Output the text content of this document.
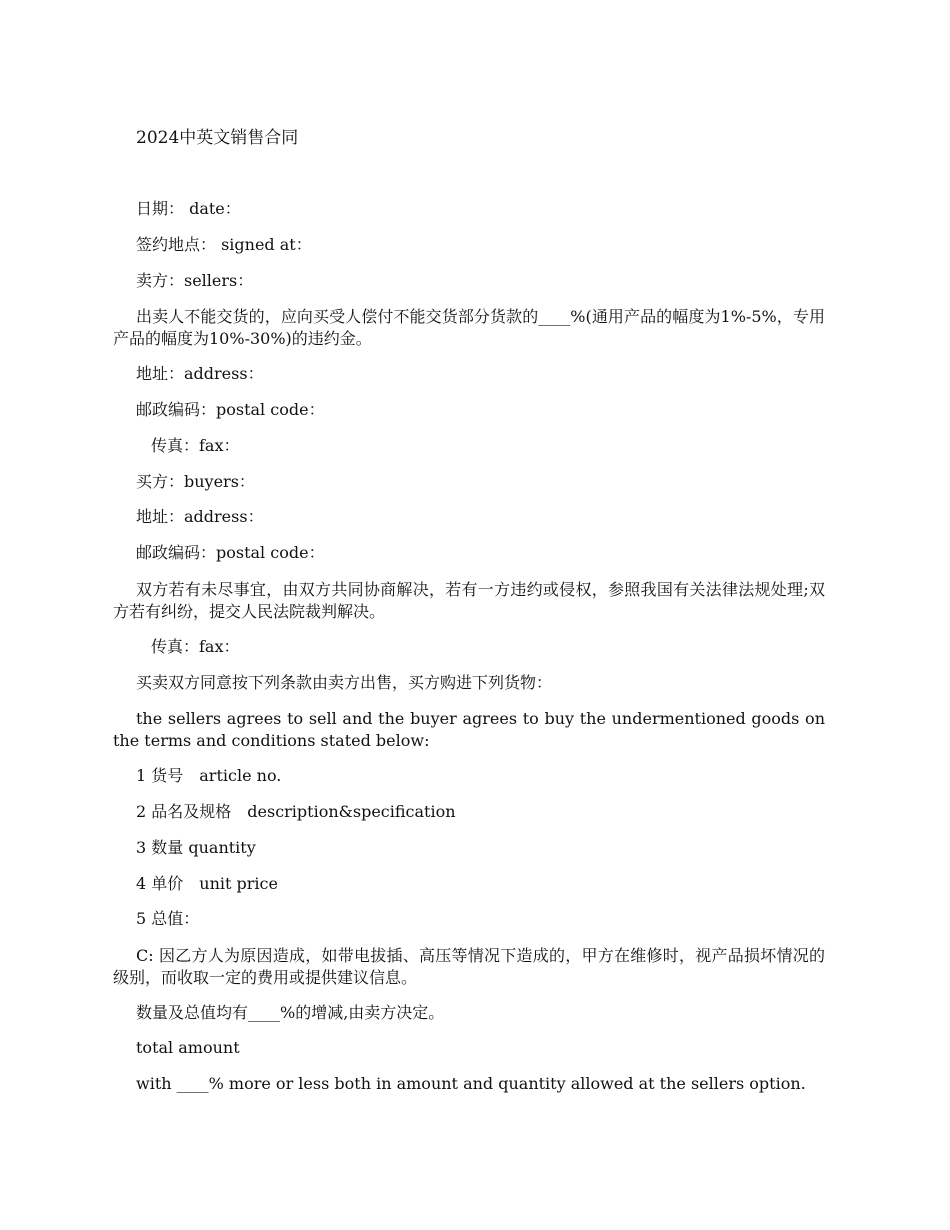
2024中英文销售合同
日期： date：
签约地点： signed at：
卖方：sellers：
出卖人不能交货的，应向买受人偿付不能交货部分货款的____%(通用产品的幅度为1%-5%，专用产品的幅度为10%-30%)的违约金。
地址：address：
邮政编码：postal code：
传真：fax：
买方：buyers：
地址：address：
邮政编码：postal code：
双方若有未尽事宜，由双方共同协商解决，若有一方违约或侵权，参照我国有关法律法规处理;双方若有纠纷，提交人民法院裁判解决。
传真：fax：
买卖双方同意按下列条款由卖方出售，买方购进下列货物：
the sellers agrees to sell and the buyer agrees to buy the undermentioned goods on the terms and conditions stated below:
1 货号　article no.
2 品名及规格　description&specification
3 数量 quantity
4 单价　unit price
5 总值：
C: 因乙方人为原因造成，如带电拔插、高压等情况下造成的，甲方在维修时，视产品损坏情况的级别，而收取一定的费用或提供建议信息。
数量及总值均有____%的增减,由卖方决定。
total amount
with ____% more or less both in amount and quantity allowed at the sellers option.
